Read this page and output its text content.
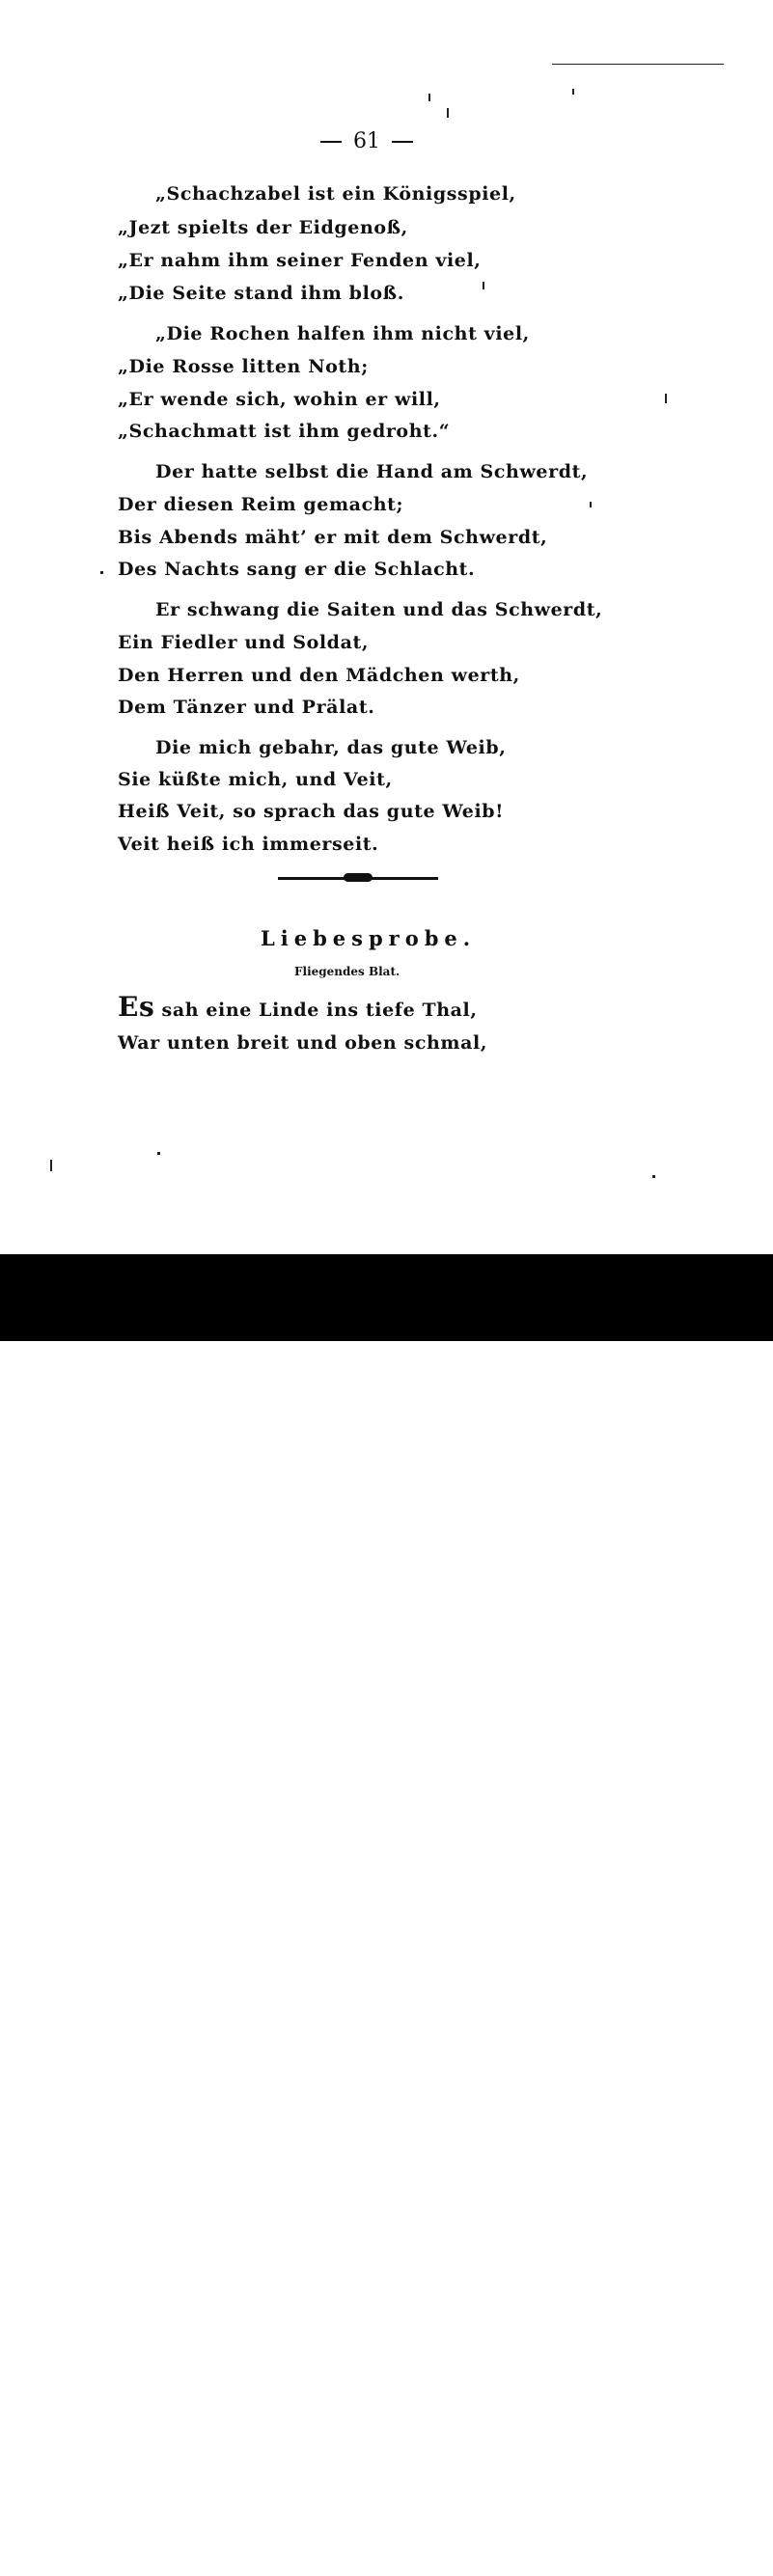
61
„Schachzabel ist ein Königsspiel,
„Jezt spielts der Eidgenoß,
„Er nahm ihm seiner Fenden viel,
„Die Seite stand ihm bloß.
„Die Rochen halfen ihm nicht viel,
„Die Rosse litten Noth;
„Er wende sich, wohin er will,
„Schachmatt ist ihm gedroht.“
Der hatte selbst die Hand am Schwerdt,
Der diesen Reim gemacht;
Bis Abends mäht’ er mit dem Schwerdt,
Des Nachts sang er die Schlacht.
Er schwang die Saiten und das Schwerdt,
Ein Fiedler und Soldat,
Den Herren und den Mädchen werth,
Dem Tänzer und Prälat.
Die mich gebahr, das gute Weib,
Sie küßte mich, und Veit,
Heiß Veit, so sprach das gute Weib!
Veit heiß ich immerseit.
Liebesprobe.
Fliegendes Blat.
Es sah eine Linde ins tiefe Thal,
War unten breit und oben schmal,
alamy	JE943W
www.alamy.com
